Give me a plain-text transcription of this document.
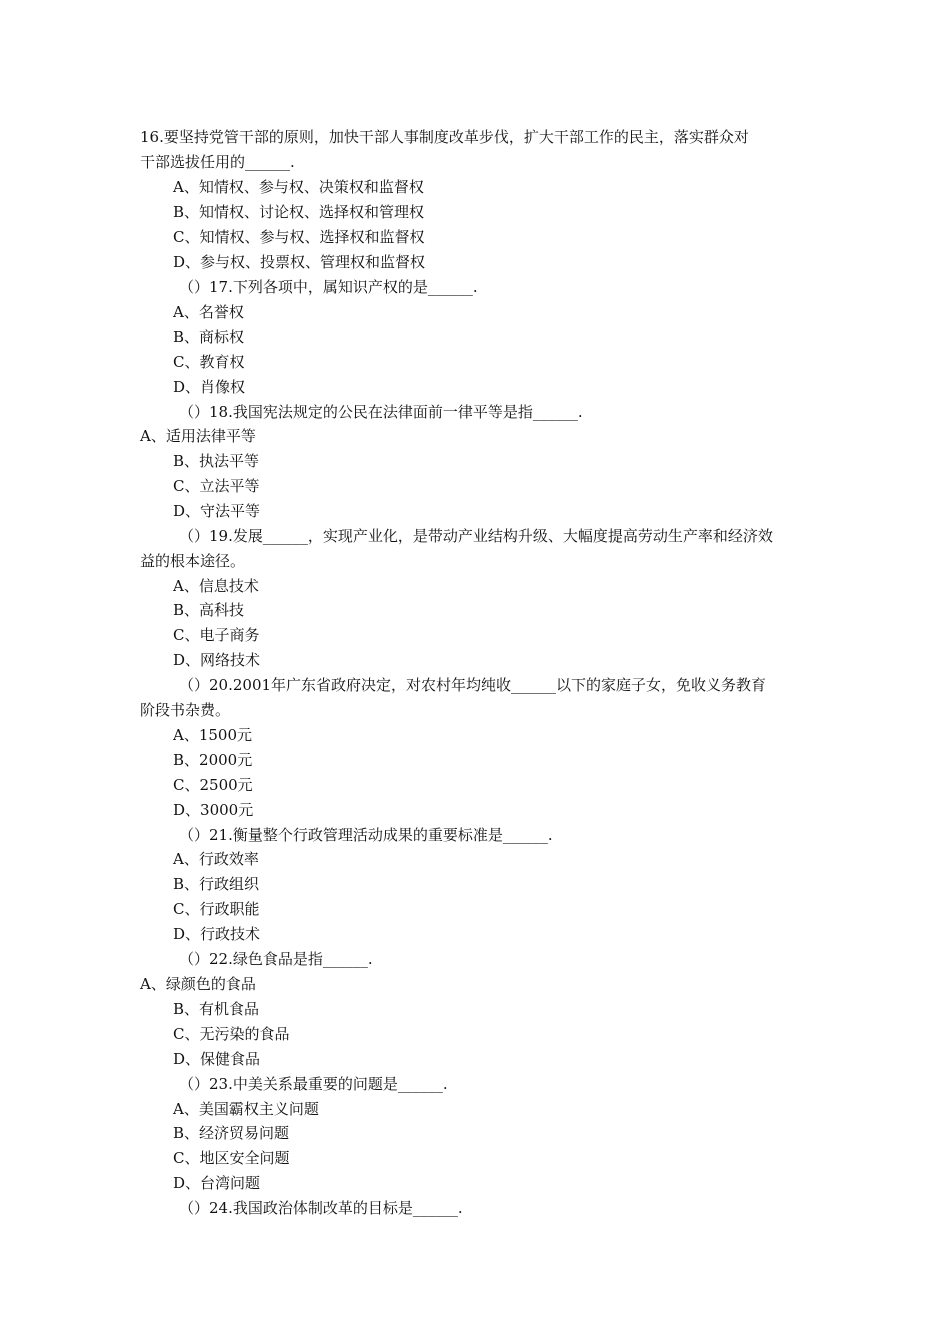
16.要坚持党管干部的原则，加快干部人事制度改革步伐，扩大干部工作的民主，落实群众对
干部选拔任用的______.
A、知情权、参与权、决策权和监督权
B、知情权、讨论权、选择权和管理权
C、知情权、参与权、选择权和监督权
D、参与权、投票权、管理权和监督权
（）17.下列各项中，属知识产权的是______.
A、名誉权
B、商标权
C、教育权
D、肖像权
（）18.我国宪法规定的公民在法律面前一律平等是指______.
A、适用法律平等
B、执法平等
C、立法平等
D、守法平等
（）19.发展______，实现产业化，是带动产业结构升级、大幅度提高劳动生产率和经济效
益的根本途径。
A、信息技术
B、高科技
C、电子商务
D、网络技术
（）20.2001年广东省政府决定，对农村年均纯收______以下的家庭子女，免收义务教育
阶段书杂费。
A、1500元
B、2000元
C、2500元
D、3000元
（）21.衡量整个行政管理活动成果的重要标准是______.
A、行政效率
B、行政组织
C、行政职能
D、行政技术
（）22.绿色食品是指______.
A、绿颜色的食品
B、有机食品
C、无污染的食品
D、保健食品
（）23.中美关系最重要的问题是______.
A、美国霸权主义问题
B、经济贸易问题
C、地区安全问题
D、台湾问题
（）24.我国政治体制改革的目标是______.
